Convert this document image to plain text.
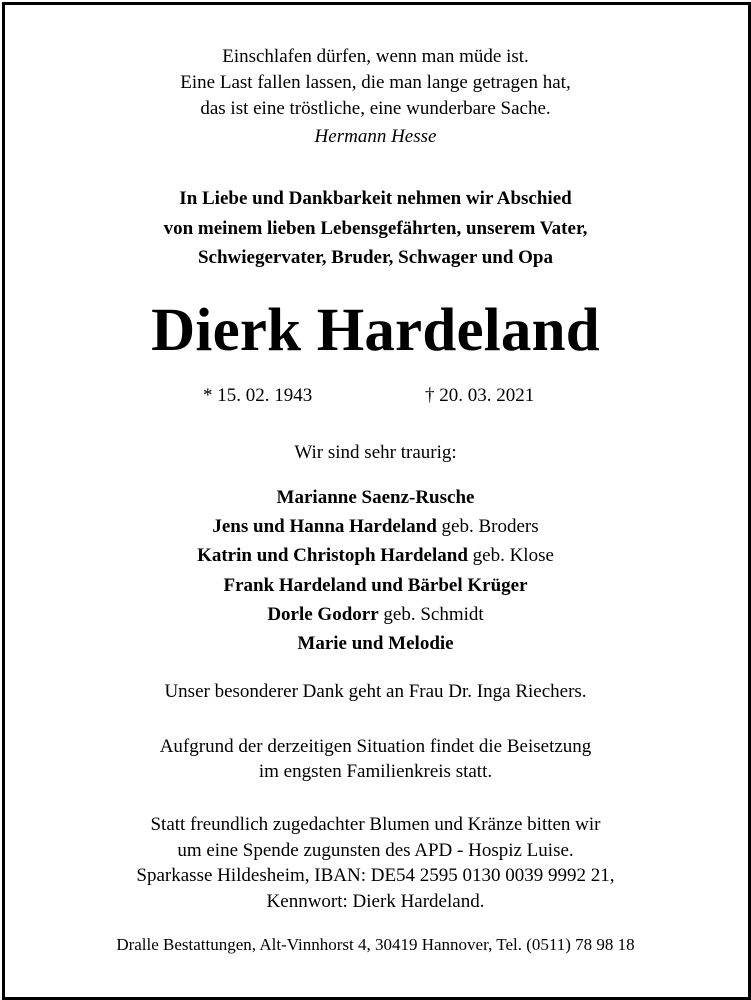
Einschlafen dürfen, wenn man müde ist.
Eine Last fallen lassen, die man lange getragen hat,
das ist eine tröstliche, eine wunderbare Sache.
Hermann Hesse
In Liebe und Dankbarkeit nehmen wir Abschied
von meinem lieben Lebensgefährten, unserem Vater,
Schwiegervater, Bruder, Schwager und Opa
Dierk Hardeland
* 15. 02. 1943	† 20. 03. 2021
Wir sind sehr traurig:
Marianne Saenz-Rusche
Jens und Hanna Hardeland geb. Broders
Katrin und Christoph Hardeland geb. Klose
Frank Hardeland und Bärbel Krüger
Dorle Godorr geb. Schmidt
Marie und Melodie
Unser besonderer Dank geht an Frau Dr. Inga Riechers.
Aufgrund der derzeitigen Situation findet die Beisetzung
im engsten Familienkreis statt.
Statt freundlich zugedachter Blumen und Kränze bitten wir
um eine Spende zugunsten des APD - Hospiz Luise.
Sparkasse Hildesheim, IBAN: DE54 2595 0130 0039 9992 21,
Kennwort: Dierk Hardeland.
Dralle Bestattungen, Alt-Vinnhorst 4, 30419 Hannover, Tel. (0511) 78 98 18
